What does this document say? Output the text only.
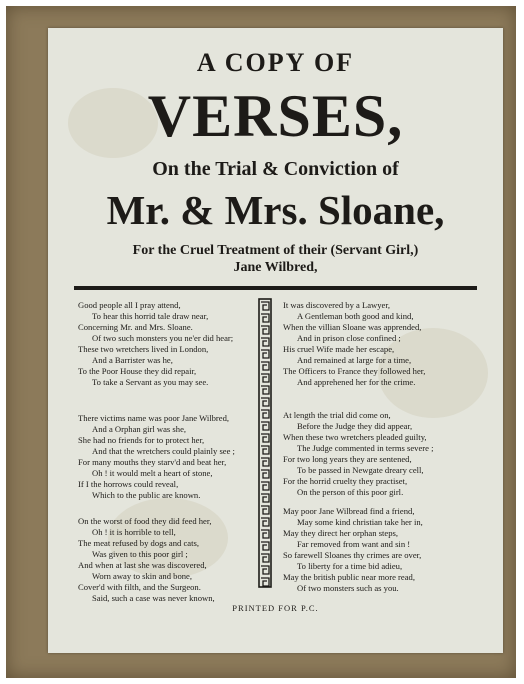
A COPY OF
VERSES,
On the Trial & Conviction of
Mr. & Mrs. Sloane,
For the Cruel Treatment of their (Servant Girl,)
Jane Wilbred,
Good people all I pray attend,
To hear this horrid tale draw near,
Concerning Mr. and Mrs. Sloane.
Of two such monsters you ne'er did hear;
These two wretchers lived in London,
And a Barrister was he,
To the Poor House they did repair,
To take a Servant as you may see.
There victims name was poor Jane Wilbred,
And a Orphan girl was she,
She had no friends for to protect her,
And that the wretchers could plainly see ;
For many mouths they starv'd and beat her,
Oh ! it would melt a heart of stone,
If I the horrows could reveal,
Which to the public are known.
On the worst of food they did feed her,
Oh ! it is horrible to tell,
The meat refused by dogs and cats,
Was given to this poor girl ;
And when at last she was discovered,
Worn away to skin and bone,
Cover'd with filth, and the Surgeon.
Said, such a case was never known,
It was discovered by a Lawyer,
A Gentleman both good and kind,
When the villian Sloane was apprended,
And in prison close confined ;
His cruel Wife made her escape,
And remained at large for a time,
The Officers to France they followed her,
And apprehened her for the crime.
At length the trial did come on,
Before the Judge they did appear,
When these two wretchers pleaded guilty,
The Judge commented in terms severe ;
For two long years they are sentened,
To be passed in Newgate dreary cell,
For the horrid cruelty they practiset,
On the person of this poor girl.
May poor Jane Wilbread find a friend,
May some kind christian take her in,
May they direct her orphan steps,
Far removed from want and sin !
So farewell Sloanes thy crimes are over,
To liberty for a time bid adieu,
May the british public near more read,
Of two monsters such as you.
PRINTED FOR P.C.
